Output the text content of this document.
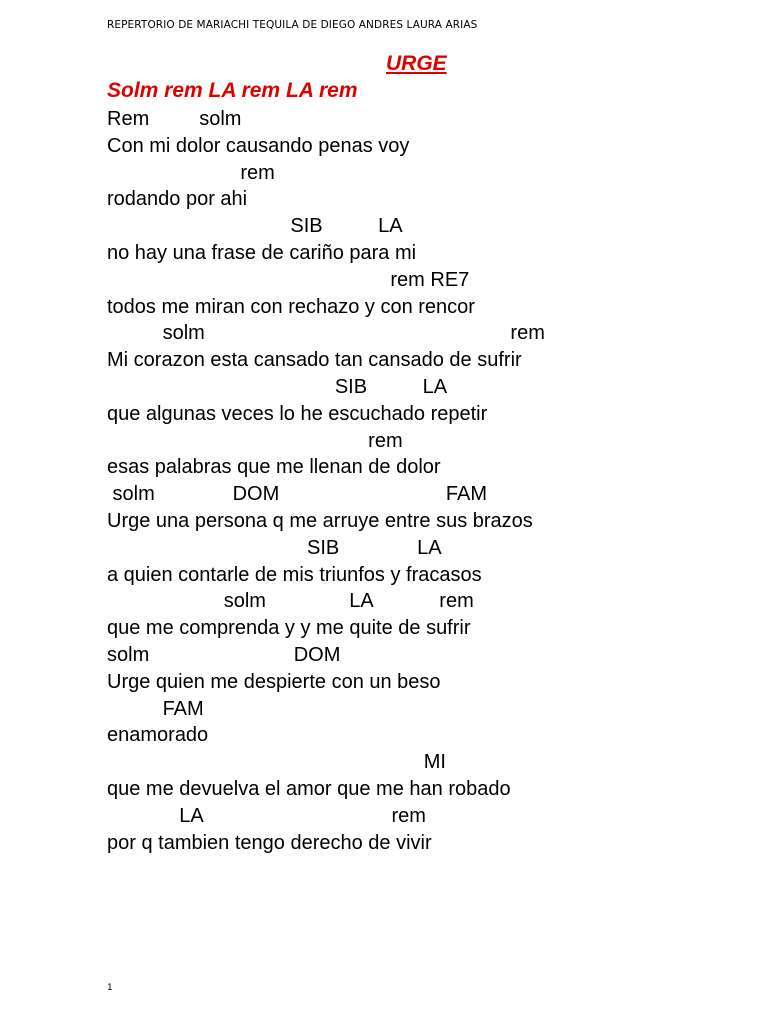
REPERTORIO DE MARIACHI TEQUILA DE DIEGO ANDRES LAURA ARIAS
URGE
Solm rem LA rem LA rem
Rem         solm
Con mi dolor causando penas voy
rem
rodando por ahi
SIB          LA
no hay una frase de cariño para mi
rem RE7
todos me miran con rechazo y con rencor
solm                                                       rem
Mi corazon esta cansado tan cansado de sufrir
SIB          LA
que algunas veces lo he escuchado repetir
rem
esas palabras que me llenan de dolor
solm              DOM                              FAM
Urge una persona q me arruye entre sus brazos
SIB              LA
a quien contarle de mis triunfos y fracasos
solm               LA            rem
que me comprenda y y me quite de sufrir
solm                          DOM
Urge quien me despierte con un beso
FAM
enamorado
MI
que me devuelva el amor que me han robado
LA                                  rem
por q tambien tengo derecho de vivir
1
